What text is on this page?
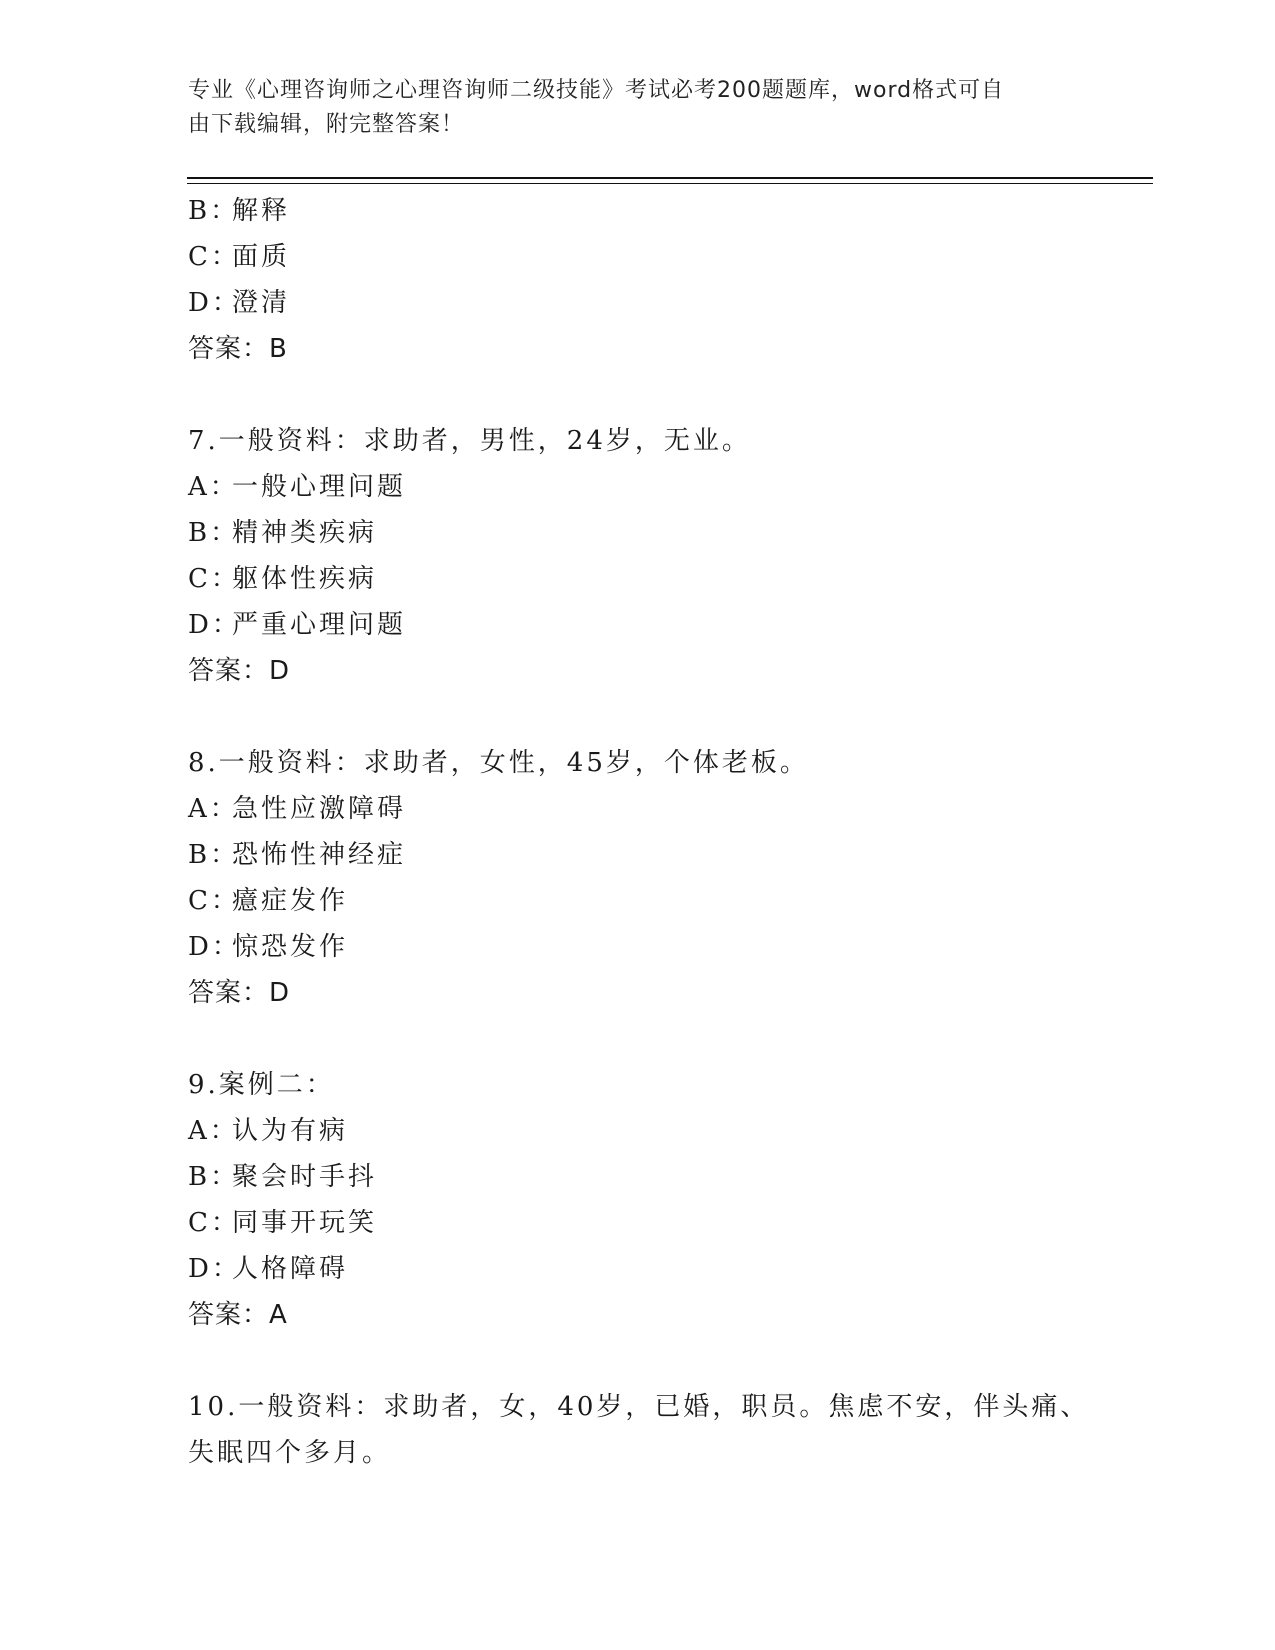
专业《心理咨询师之心理咨询师二级技能》考试必考200题题库，word格式可自
由下载编辑，附完整答案！
B：解释
C：面质
D：澄清
答案：B
7.一般资料：求助者，男性，24岁，无业。
A：一般心理问题
B：精神类疾病
C：躯体性疾病
D：严重心理问题
答案：D
8.一般资料：求助者，女性，45岁，个体老板。
A：急性应激障碍
B：恐怖性神经症
C：癔症发作
D：惊恐发作
答案：D
9.案例二：
A：认为有病
B：聚会时手抖
C：同事开玩笑
D：人格障碍
答案：A
10.一般资料：求助者，女，40岁，已婚，职员。焦虑不安，伴头痛、
失眠四个多月。
